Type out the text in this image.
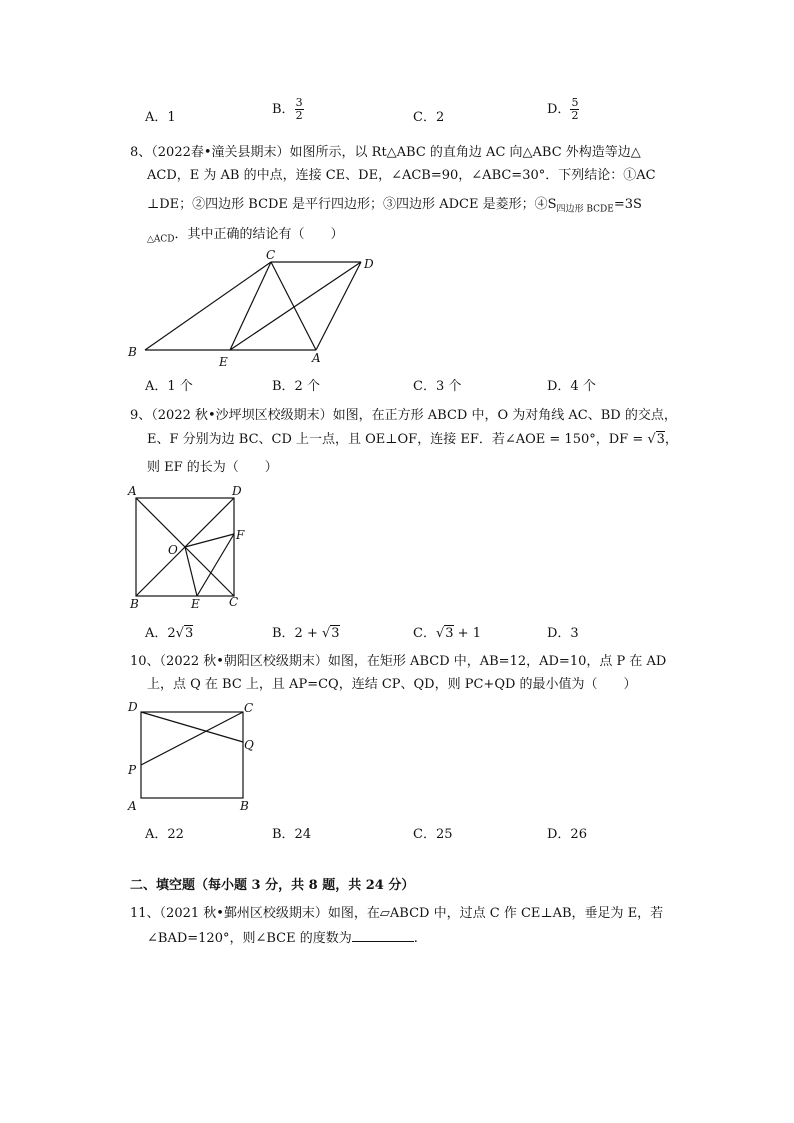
A．1
B． $\frac{3}{2}$	C．2
D． $\frac{5}{2}$
8、（2022春•潼关县期末）如图所示，以 Rt△ABC 的直角边 AC 向△ABC 外构造等边△
ACD，E 为 AB 的中点，连接 CE、DE，∠ACB=90，∠ABC=30°．下列结论：①AC
⊥DE；②四边形 BCDE 是平行四边形；③四边形 ADCE 是菱形；$④S_{四边形 BCDE}=3S$
$_{\triangle ACD}$．其中正确的结论有（　　）
C
D
B
E	A
A．1 个	B．2 个	C．3 个	D．4 个
9、（2022 秋•沙坪坝区校级期末）如图，在正方形 ABCD 中，O 为对角线 AC、BD 的交点，
E、F 分别为边 BC、CD 上一点，且 OE⊥OF，连接 EF．若∠AOE = 150°，DF = √3，
则 EF 的长为（　　）
A	D
F
O
B	E C
A．2√3	B．2 + √3	C．√3 + 1	D．3
10、（2022 秋•朝阳区校级期末）如图，在矩形 ABCD 中，AB=12，AD=10，点 P 在 AD
上，点 Q 在 BC 上，且 AP=CQ，连结 CP、QD，则 PC+QD 的最小值为（　　）
D	C
Q
P
A	B
A．22	B．24	C．25	D．26
二、填空题（每小题 3 分，共 8 题，共 24 分）
11、（2021 秋•鄞州区校级期末）如图，在▱ABCD 中，过点 C 作 CE⊥AB，垂足为 E，若
∠BAD=120°，则∠BCE 的度数为	.
